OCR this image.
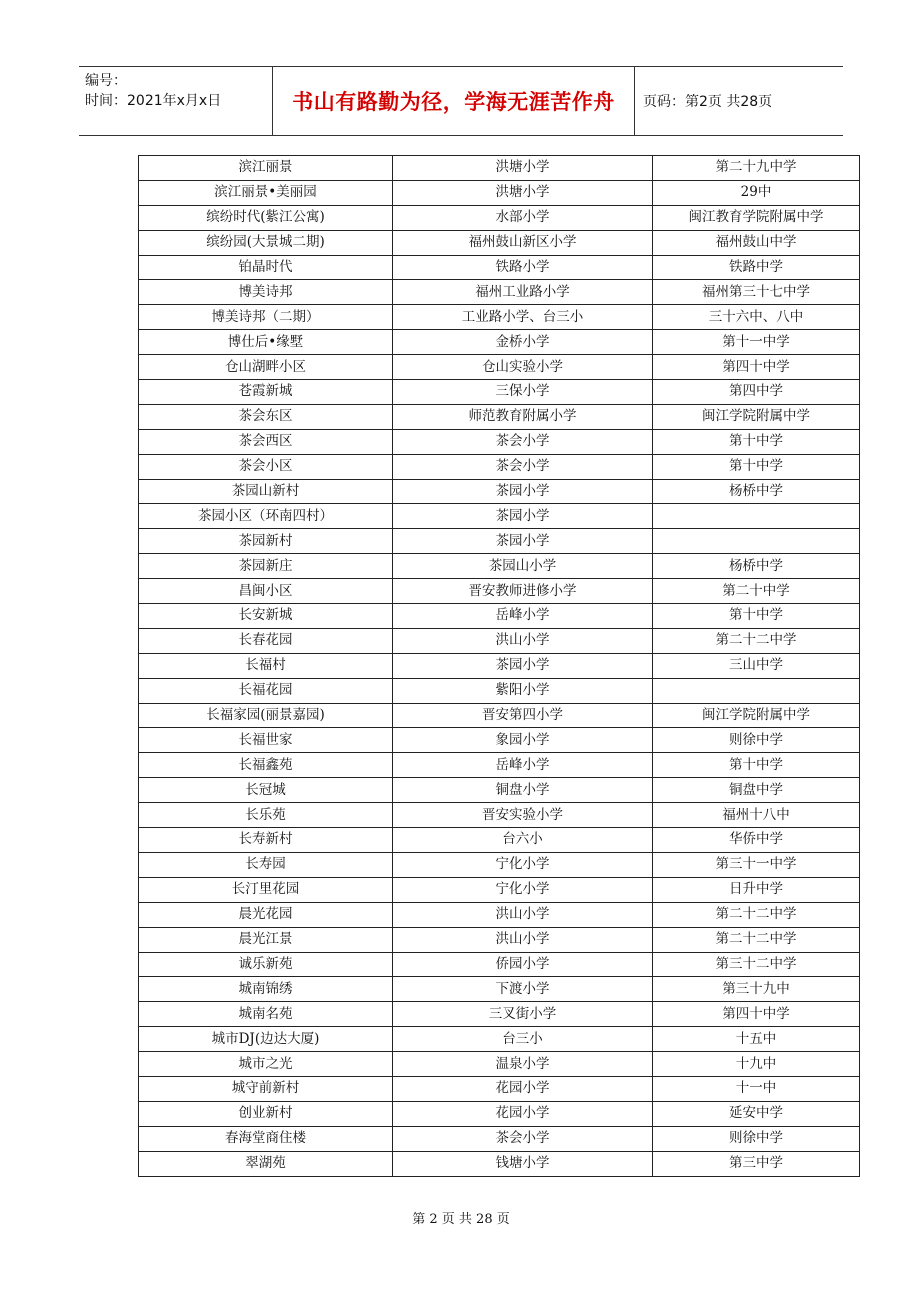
编号：
时间：2021年x月x日	书山有路勤为径，学海无涯苦作舟	页码：第2页 共28页
滨江丽景	洪塘小学	第二十九中学
滨江丽景•美丽园	洪塘小学	29中
缤纷时代(紫江公寓)	水部小学	闽江教育学院附属中学
缤纷园(大景城二期)	福州鼓山新区小学	福州鼓山中学
铂晶时代	铁路小学	铁路中学
博美诗邦	福州工业路小学	福州第三十七中学
博美诗邦（二期）	工业路小学、台三小	三十六中、八中
博仕后•缘墅	金桥小学	第十一中学
仓山湖畔小区	仓山实验小学	第四十中学
苍霞新城	三保小学	第四中学
茶会东区	师范教育附属小学	闽江学院附属中学
茶会西区	茶会小学	第十中学
茶会小区	茶会小学	第十中学
茶园山新村	茶园小学	杨桥中学
茶园小区（环南四村）	茶园小学	
茶园新村	茶园小学	
茶园新庄	茶园山小学	杨桥中学
昌闽小区	晋安教师进修小学	第二十中学
长安新城	岳峰小学	第十中学
长春花园	洪山小学	第二十二中学
长福村	茶园小学	三山中学
长福花园	紫阳小学	
长福家园(丽景嘉园)	晋安第四小学	闽江学院附属中学
长福世家	象园小学	则徐中学
长福鑫苑	岳峰小学	第十中学
长冠城	铜盘小学	铜盘中学
长乐苑	晋安实验小学	福州十八中
长寿新村	台六小	华侨中学
长寿园	宁化小学	第三十一中学
长汀里花园	宁化小学	日升中学
晨光花园	洪山小学	第二十二中学
晨光江景	洪山小学	第二十二中学
诚乐新苑	侨园小学	第三十二中学
城南锦绣	下渡小学	第三十九中
城南名苑	三叉街小学	第四十中学
城市DJ(边达大厦)	台三小	十五中
城市之光	温泉小学	十九中
城守前新村	花园小学	十一中
创业新村	花园小学	延安中学
春海堂商住楼	茶会小学	则徐中学
翠湖苑	钱塘小学	第三中学
第 2 页 共 28 页
